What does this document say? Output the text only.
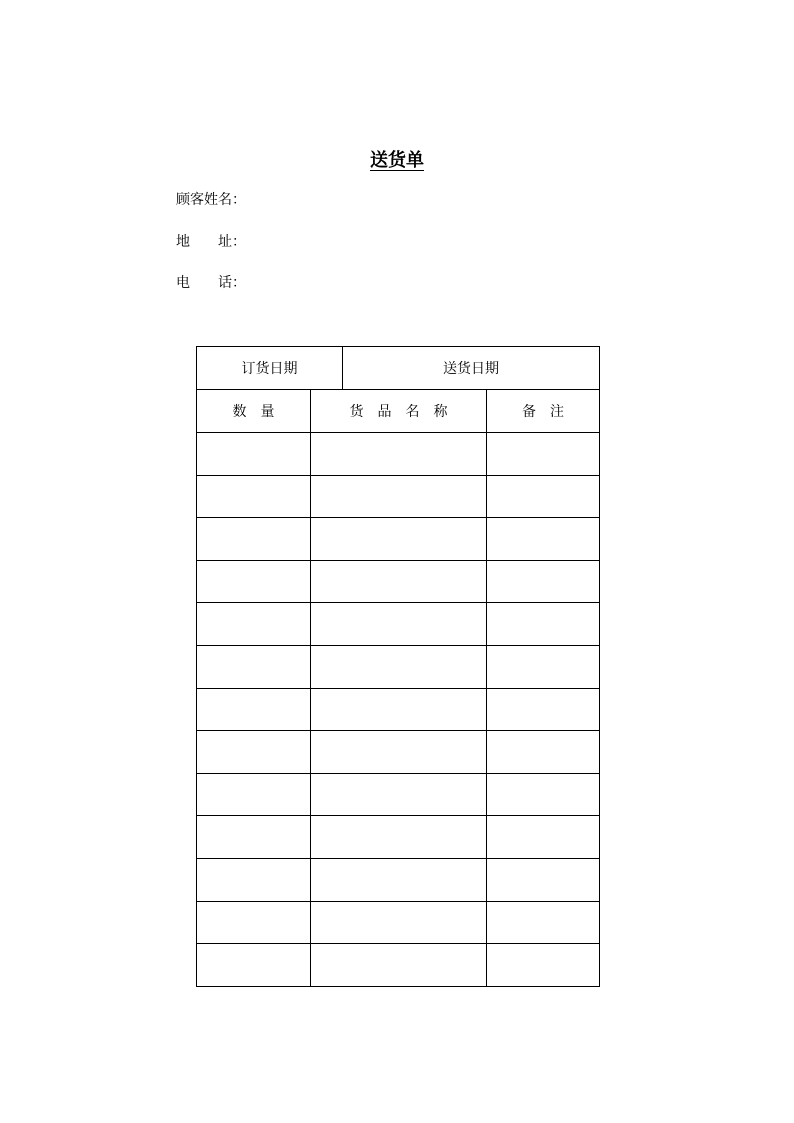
送货单
顾客姓名：
地　　址：
电　　话：
订货日期		送货日期	
数量	货品名称		备注
